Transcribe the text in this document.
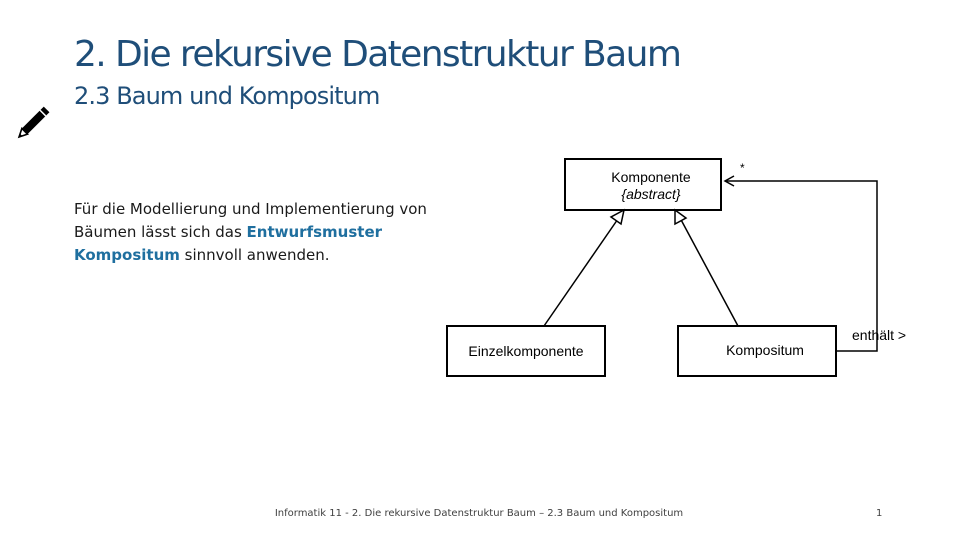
2. Die rekursive Datenstruktur Baum
2.3 Baum und Kompositum

Für die Modellierung und Implementierung von Bäumen lässt sich das Entwurfsmuster Kompositum sinnvoll anwenden.

Komponente
{abstract}
Einzelkomponente	Kompositum
*
enthält >
Informatik 11 - 2. Die rekursive Datenstruktur Baum – 2.3 Baum und Kompositum	1
